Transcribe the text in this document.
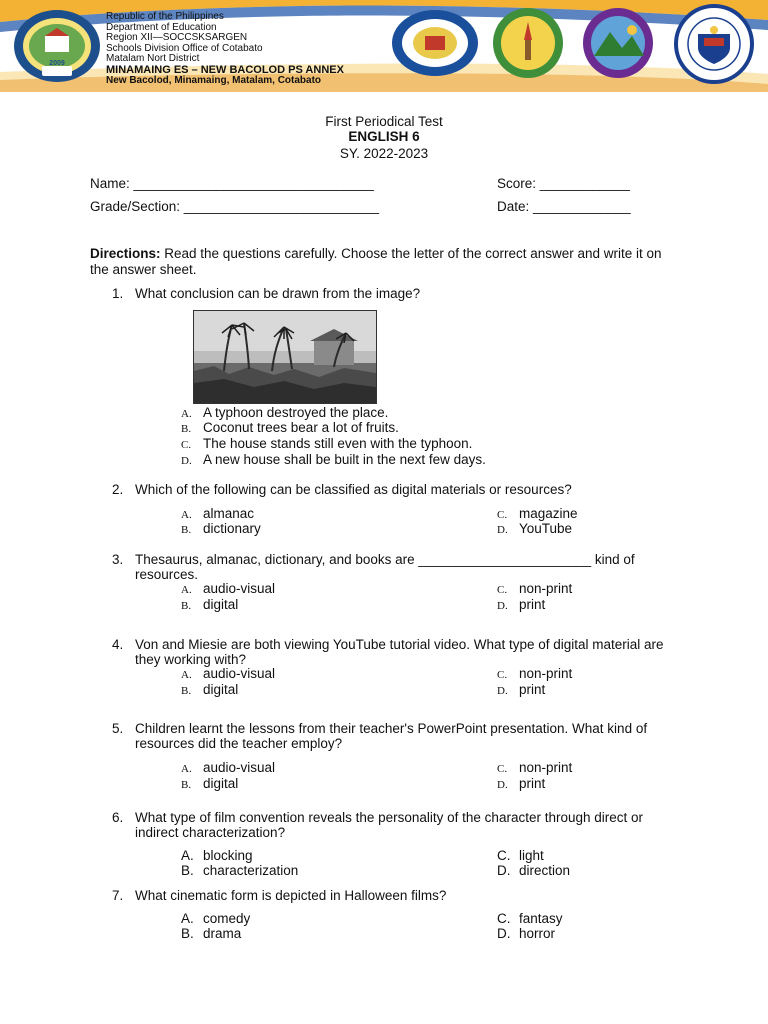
2009
Republic of the Philippines
Department of Education
Region XII—SOCCSKSARGEN
Schools Division Office of Cotabato
Matalam Nort District
MINAMAING ES – NEW BACOLOD PS ANNEX
New Bacolod, Minamaing, Matalam, Cotabato
First Periodical Test
ENGLISH 6
SY. 2022-2023
Name: ________________________________	Score: ____________
Grade/Section: __________________________	Date: _____________
Directions: Read the questions carefully. Choose the letter of the correct answer and write it on the answer sheet.
1. What conclusion can be drawn from the image?
A. A typhoon destroyed the place.
B. Coconut trees bear a lot of fruits.
C. The house stands still even with the typhoon.
D. A new house shall be built in the next few days.
2. Which of the following can be classified as digital materials or resources?
A. almanac
B. dictionary
C. magazine
D. YouTube
3. Thesaurus, almanac, dictionary, and books are _______________________ kind of resources.
A. audio-visual
B. digital
C. non-print
D. print
4. Von and Miesie are both viewing YouTube tutorial video. What type of digital material are they working with?
A. audio-visual
B. digital
C. non-print
D. print
5. Children learnt the lessons from their teacher's PowerPoint presentation. What kind of resources did the teacher employ?
A. audio-visual
B. digital
C. non-print
D. print
6. What type of film convention reveals the personality of the character through direct or indirect characterization?
A. blocking
B. characterization
C. light
D. direction
7. What cinematic form is depicted in Halloween films?
A. comedy
B. drama
C. fantasy
D. horror
